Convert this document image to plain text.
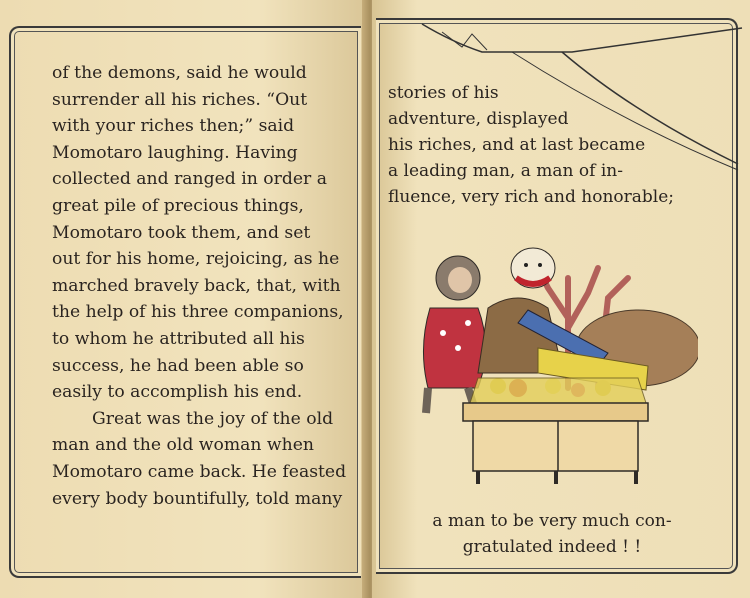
of the demons, said he would
surrender all his riches. “Out
with your riches then;” said
Momotaro laughing. Having
collected and ranged in order a
great pile of precious things,
Momotaro took them, and set
out for his home, rejoicing, as he
marched bravely back, that, with
the help of his three companions,
to whom he attributed all his
success, he had been able so
easily to accomplish his end.
Great was the joy of the old
man and the old woman when
Momotaro came back. He feasted
every body bountifully, told many
stories of his
adventure, displayed
his riches, and at last became
a leading man, a man of in-
fluence, very rich and honorable;
a man to be very much con-
gratulated indeed ! !
